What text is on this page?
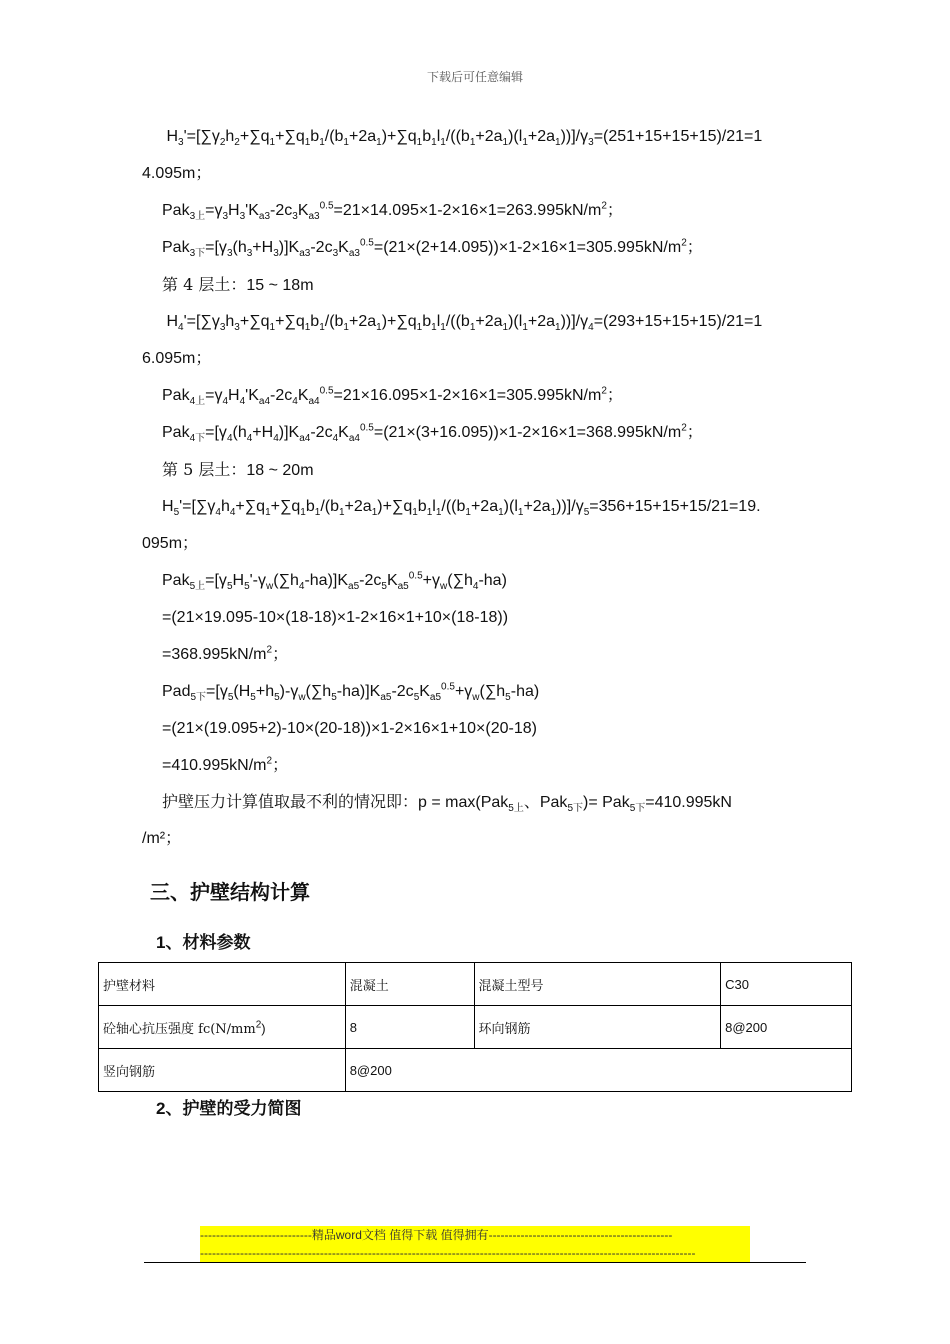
下载后可任意编辑
$H_3'=[\sum\gamma_2h_2+\sum q_1+\sum q_1b_1/(b_1+2a_1)+\sum q_1b_1l_1/((b_1+2a_1)(l_1+2a_1))]/\gamma_3=(251+15+15+15)/21=1$
4.095m；
$Pak_{3上}=\gamma_3H_3'K_{a3}-2c_3K_{a3}^{0.5}=21\times 14.095\times 1-2\times 16\times 1=263.995kN/m^2$；
$Pak_{3下}=[\gamma_3(h_3+H_3)]K_{a3}-2c_3K_{a3}^{0.5}=(21\times(2+14.095))\times 1-2\times 16\times 1=305.995kN/m^2$；
第 4 层土：15 ~ 18m
$H_4'=[\sum\gamma_3h_3+\sum q_1+\sum q_1b_1/(b_1+2a_1)+\sum q_1b_1l_1/((b_1+2a_1)(l_1+2a_1))]/\gamma_4=(293+15+15+15)/21=1$
6.095m；
$Pak_{4上}=\gamma_4H_4'K_{a4}-2c_4K_{a4}^{0.5}=21\times 16.095\times 1-2\times 16\times 1=305.995kN/m^2$；
$Pak_{4下}=[\gamma_4(h_4+H_4)]K_{a4}-2c_4K_{a4}^{0.5}=(21\times(3+16.095))\times 1-2\times 16\times 1=368.995kN/m^2$；
第 5 层土：18 ~ 20m
$H_5'=[\sum\gamma_4h_4+\sum q_1+\sum q_1b_1/(b_1+2a_1)+\sum q_1b_1l_1/((b_1+2a_1)(l_1+2a_1))]/\gamma_5=356+15+15+15/21=19$.
095m；
$Pak_{5上}=[\gamma_5H_5'-\gamma_w(\sum h_4-ha)]K_{a5}-2c_5K_{a5}^{0.5}+\gamma_w(\sum h_4-ha)$
=(21×19.095-10×(18-18)×1-2×16×1+10×(18-18))
$=368.995kN/m^2$；
$Pad_{5下}=[\gamma_5(H_5+h_5)-\gamma_w(\sum h_5-ha)]K_{a5}-2c_5K_{a5}^{0.5}+\gamma_w(\sum h_5-ha)$
=(21×(19.095+2)-10×(20-18))×1-2×16×1+10×(20-18)
$=410.995kN/m^2$；
护壁压力计算值取最不利的情况即：p = max(Pak$_{5上}$、Pak$_{5下}$)= Pak$_{5下}$=410.995kN
/m²；
三、护壁结构计算
1、材料参数
护壁材料	混凝土	混凝土型号	C30
砼轴心抗压强度 $fc(N/mm^2)$	8	环向钢筋	8@200
竖向钢筋	8@200		
2、护壁的受力简图
----------------------------精品word文档 值得下载 值得拥有----------------------------------------------
----------------------------------------------------------------------------------------------------------------------------
